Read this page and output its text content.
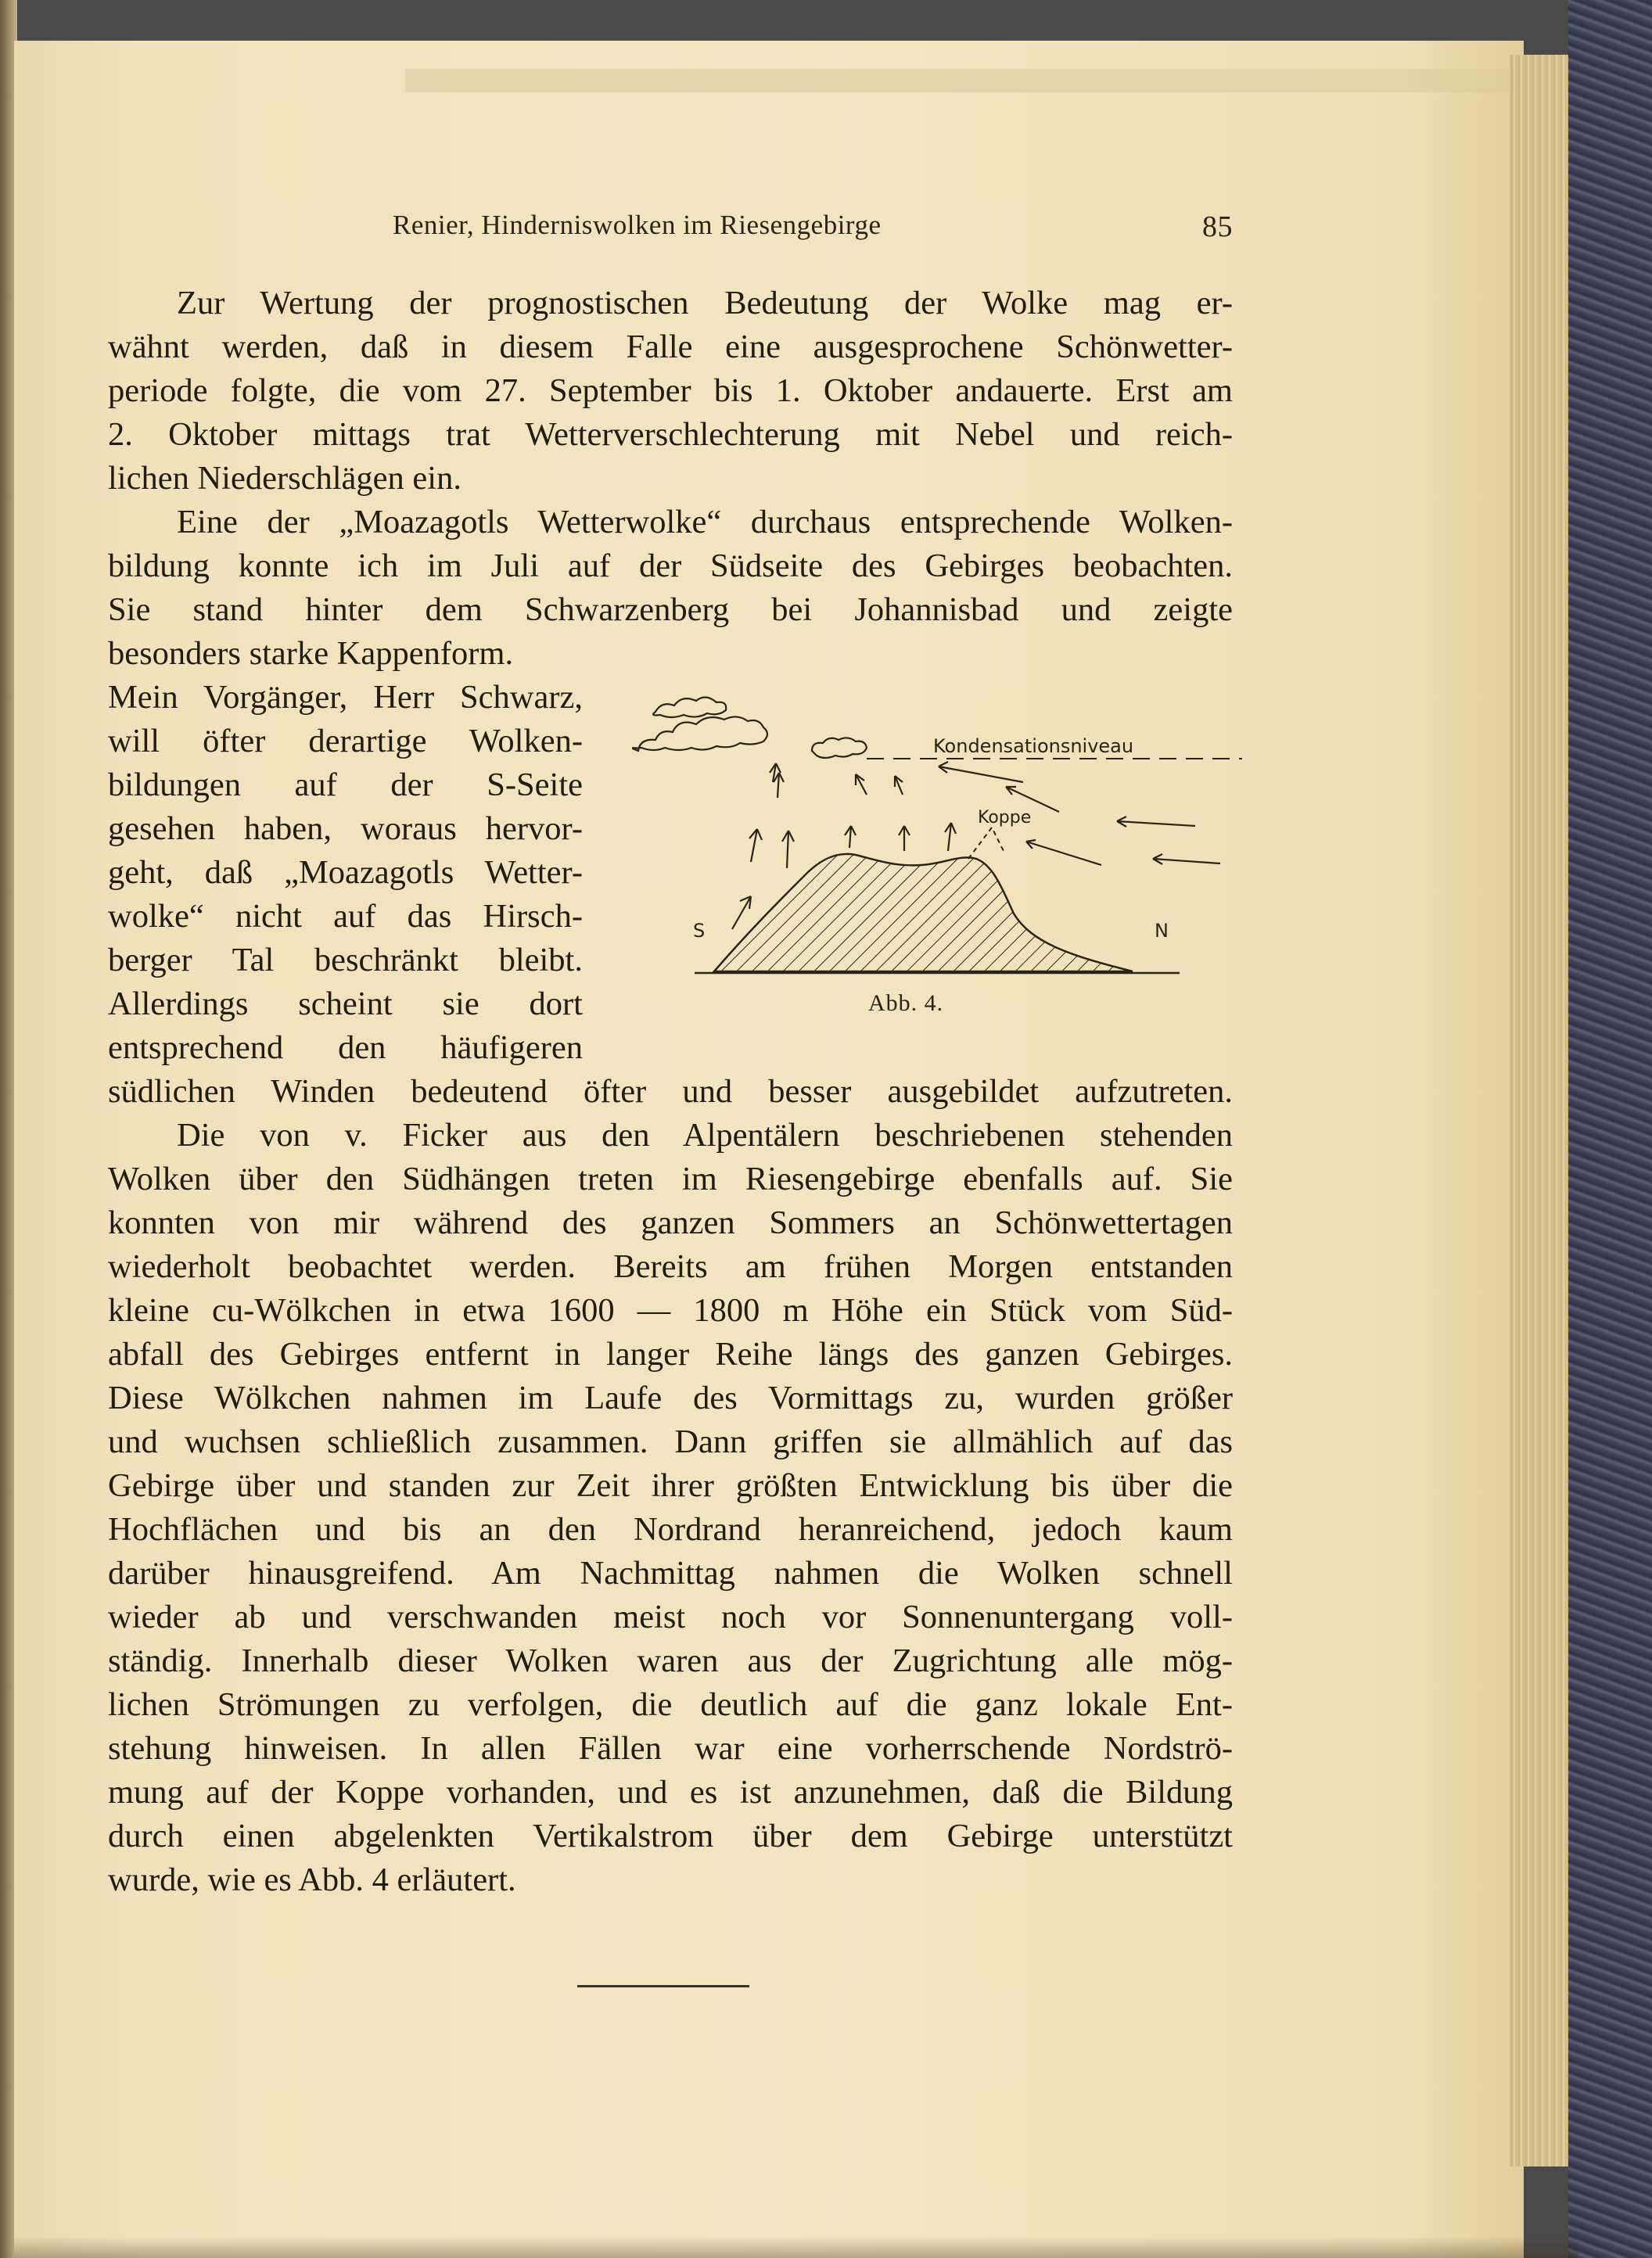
Renier, Hinderniswolken im Riesengebirge	85
Zur Wertung der prognostischen Bedeutung der Wolke mag er-
wähnt werden, daß in diesem Falle eine ausgesprochene Schönwetter-
periode folgte, die vom 27. September bis 1. Oktober andauerte. Erst am
2. Oktober mittags trat Wetterverschlechterung mit Nebel und reich-
lichen Niederschlägen ein.
Eine der „Moazagotls Wetterwolke“ durchaus entsprechende Wolken-
bildung konnte ich im Juli auf der Südseite des Gebirges beobachten.
Sie stand hinter dem Schwarzenberg bei Johannisbad und zeigte
besonders starke Kappenform.
Mein Vorgänger, Herr Schwarz,
will öfter derartige Wolken-
bildungen auf der S-Seite
gesehen haben, woraus hervor-
geht, daß „Moazagotls Wetter-
wolke“ nicht auf das Hirsch-
berger Tal beschränkt bleibt.
Allerdings scheint sie dort
entsprechend den häufigeren
südlichen Winden bedeutend öfter und besser ausgebildet aufzutreten.
Die von v. Ficker aus den Alpentälern beschriebenen stehenden
Wolken über den Südhängen treten im Riesengebirge ebenfalls auf. Sie
konnten von mir während des ganzen Sommers an Schönwettertagen
wiederholt beobachtet werden. Bereits am frühen Morgen entstanden
kleine cu-Wölkchen in etwa 1600 — 1800 m Höhe ein Stück vom Süd-
abfall des Gebirges entfernt in langer Reihe längs des ganzen Gebirges.
Diese Wölkchen nahmen im Laufe des Vormittags zu, wurden größer
und wuchsen schließlich zusammen. Dann griffen sie allmählich auf das
Gebirge über und standen zur Zeit ihrer größten Entwicklung bis über die
Hochflächen und bis an den Nordrand heranreichend, jedoch kaum
darüber hinausgreifend. Am Nachmittag nahmen die Wolken schnell
wieder ab und verschwanden meist noch vor Sonnenuntergang voll-
ständig. Innerhalb dieser Wolken waren aus der Zugrichtung alle mög-
lichen Strömungen zu verfolgen, die deutlich auf die ganz lokale Ent-
stehung hinweisen. In allen Fällen war eine vorherrschende Nordströ-
mung auf der Koppe vorhanden, und es ist anzunehmen, daß die Bildung
durch einen abgelenkten Vertikalstrom über dem Gebirge unterstützt
wurde, wie es Abb. 4 erläutert.
Kondensationsniveau
Koppe
S	N
Abb. 4.
